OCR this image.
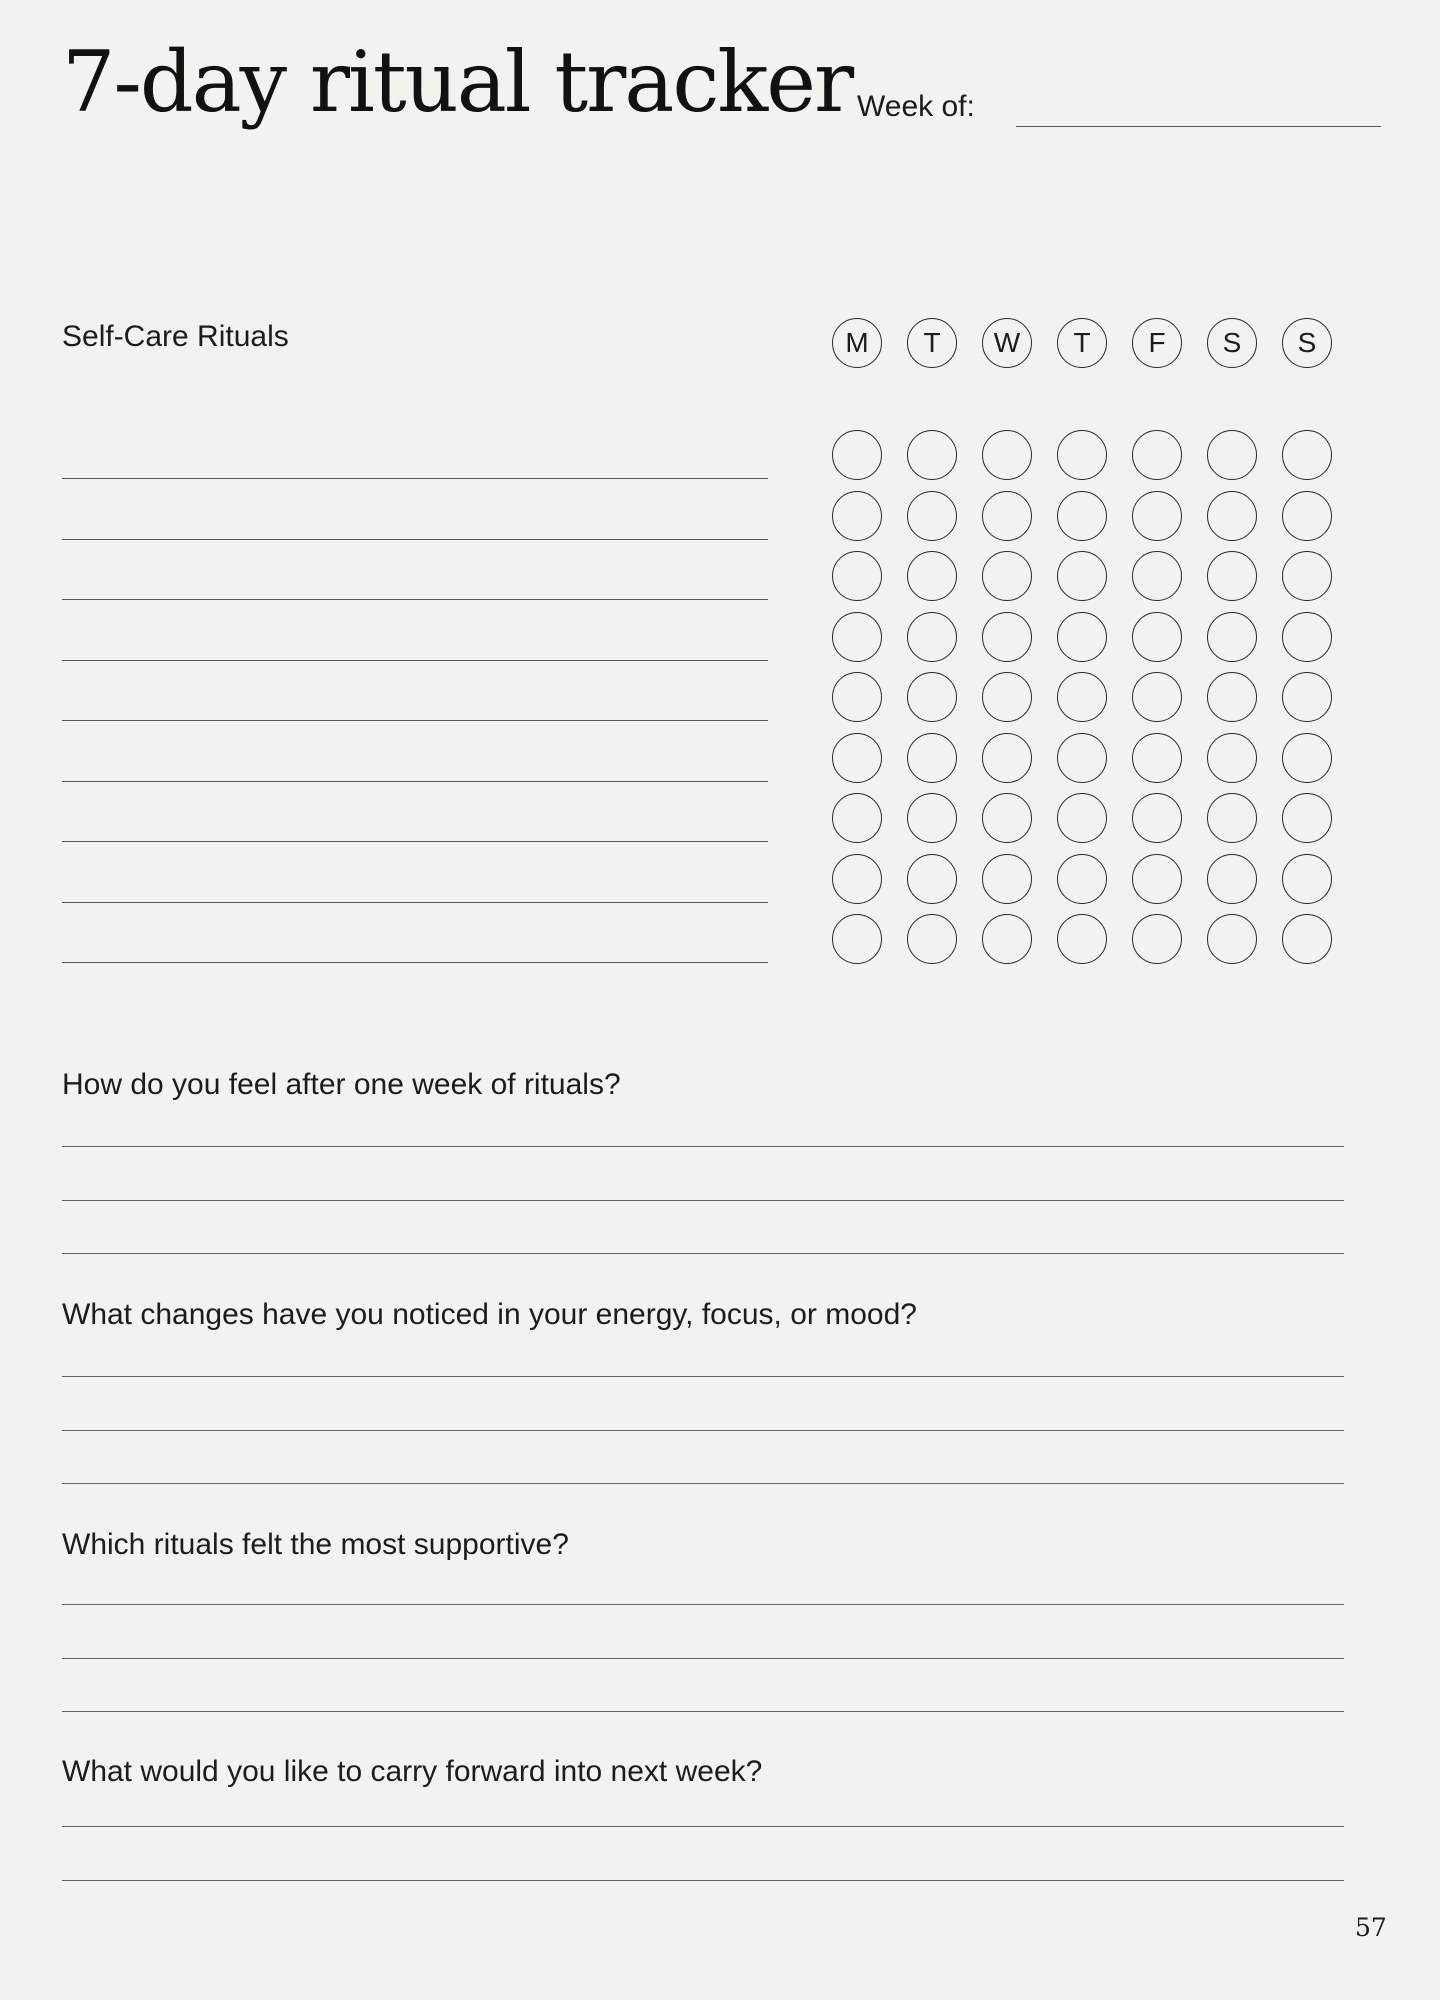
7-day ritual tracker Week of:
Self-Care Rituals	M	T	W	T	F	S	S
How do you feel after one week of rituals?
What changes have you noticed in your energy, focus, or mood?
Which rituals felt the most supportive?
What would you like to carry forward into next week?
57
